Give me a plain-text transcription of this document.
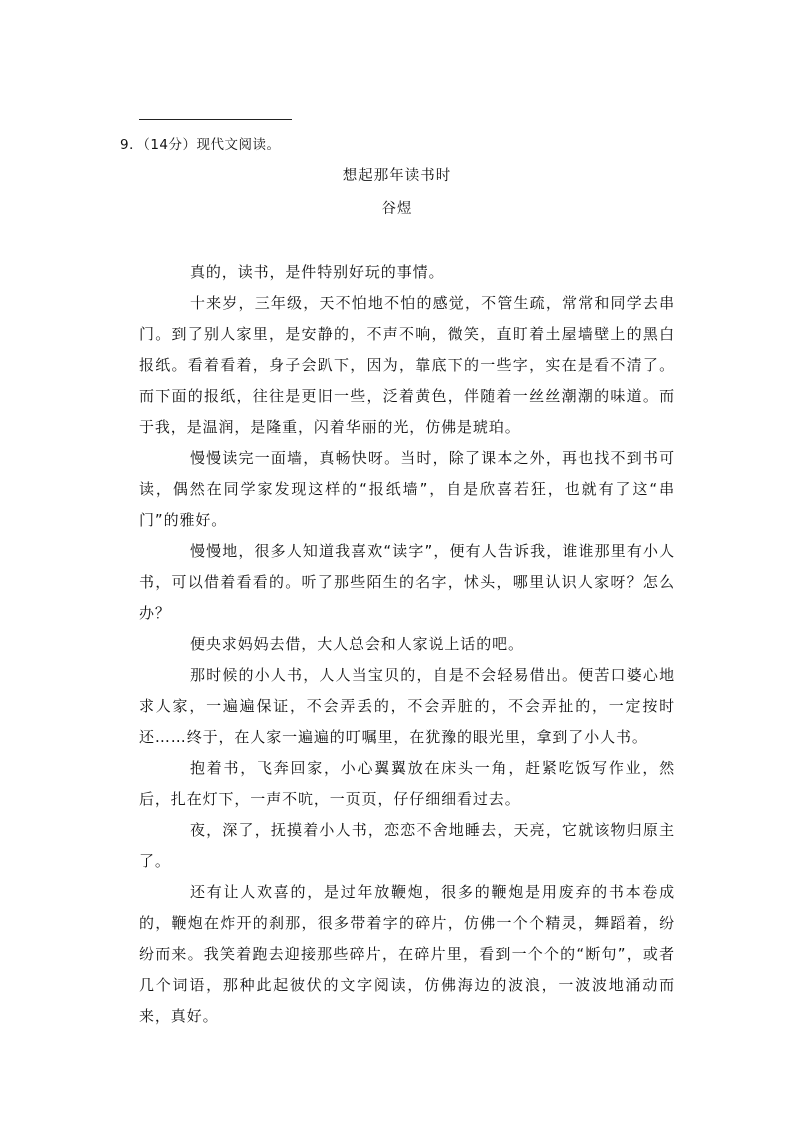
9．（14分）现代文阅读。
想起那年读书时
谷煜

真的，读书，是件特别好玩的事情。

十来岁，三年级，天不怕地不怕的感觉，不管生疏，常常和同学去串门。到了别人家里，是安静的，不声不响，微笑，直盯着土屋墙壁上的黑白报纸。看着看着，身子会趴下，因为，靠底下的一些字，实在是看不清了。而下面的报纸，往往是更旧一些，泛着黄色，伴随着一丝丝潮潮的味道。而于我，是温润，是隆重，闪着华丽的光，仿佛是琥珀。

慢慢读完一面墙，真畅快呀。当时，除了课本之外，再也找不到书可读，偶然在同学家发现这样的“报纸墙”，自是欣喜若狂，也就有了这“串门”的雅好。

慢慢地，很多人知道我喜欢“读字”，便有人告诉我，谁谁那里有小人书，可以借着看看的。听了那些陌生的名字，怵头，哪里认识人家呀？怎么办？

便央求妈妈去借，大人总会和人家说上话的吧。

那时候的小人书，人人当宝贝的，自是不会轻易借出。便苦口婆心地求人家，一遍遍保证，不会弄丢的，不会弄脏的，不会弄扯的，一定按时还……终于，在人家一遍遍的叮嘱里，在犹豫的眼光里，拿到了小人书。

抱着书，飞奔回家，小心翼翼放在床头一角，赶紧吃饭写作业，然后，扎在灯下，一声不吭，一页页，仔仔细细看过去。

夜，深了，抚摸着小人书，恋恋不舍地睡去，天亮，它就该物归原主了。

还有让人欢喜的，是过年放鞭炮，很多的鞭炮是用废弃的书本卷成的，鞭炮在炸开的刹那，很多带着字的碎片，仿佛一个个精灵，舞蹈着，纷纷而来。我笑着跑去迎接那些碎片，在碎片里，看到一个个的“断句”，或者几个词语，那种此起彼伏的文字阅读，仿佛海边的波浪，一波波地涌动而来，真好。
